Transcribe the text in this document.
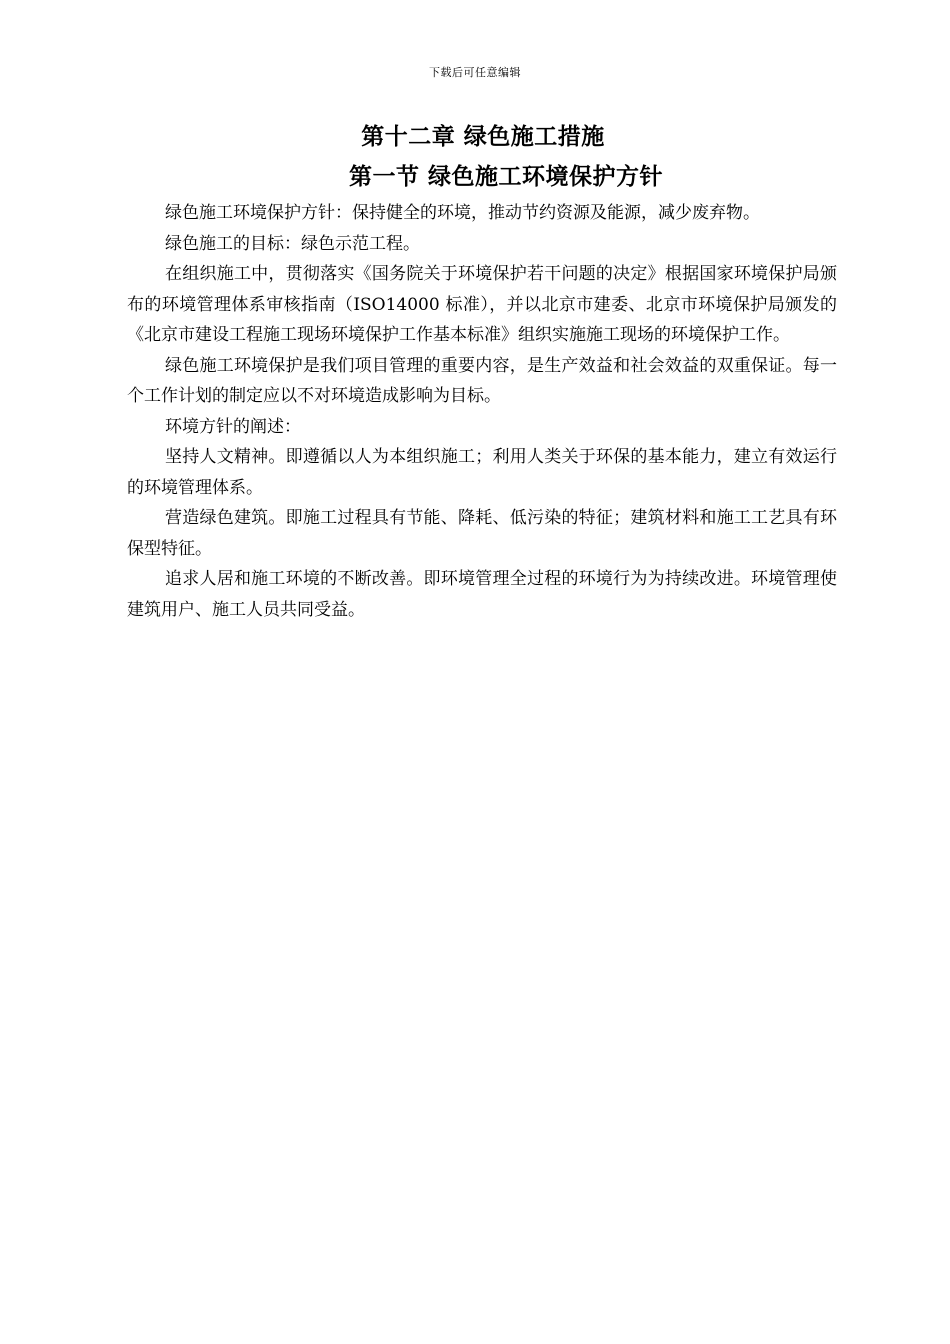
下载后可任意编辑
第十二章 绿色施工措施
第一节 绿色施工环境保护方针

绿色施工环境保护方针：保持健全的环境，推动节约资源及能源，减少废弃物。

绿色施工的目标：绿色示范工程。

在组织施工中，贯彻落实《国务院关于环境保护若干问题的决定》根据国家环境保护局颁布的环境管理体系审核指南（ISO14000 标准），并以北京市建委、北京市环境保护局颁发的《北京市建设工程施工现场环境保护工作基本标准》组织实施施工现场的环境保护工作。

绿色施工环境保护是我们项目管理的重要内容，是生产效益和社会效益的双重保证。每一个工作计划的制定应以不对环境造成影响为目标。

环境方针的阐述：

坚持人文精神。即遵循以人为本组织施工；利用人类关于环保的基本能力，建立有效运行的环境管理体系。

营造绿色建筑。即施工过程具有节能、降耗、低污染的特征；建筑材料和施工工艺具有环保型特征。

追求人居和施工环境的不断改善。即环境管理全过程的环境行为为持续改进。环境管理使建筑用户、施工人员共同受益。
